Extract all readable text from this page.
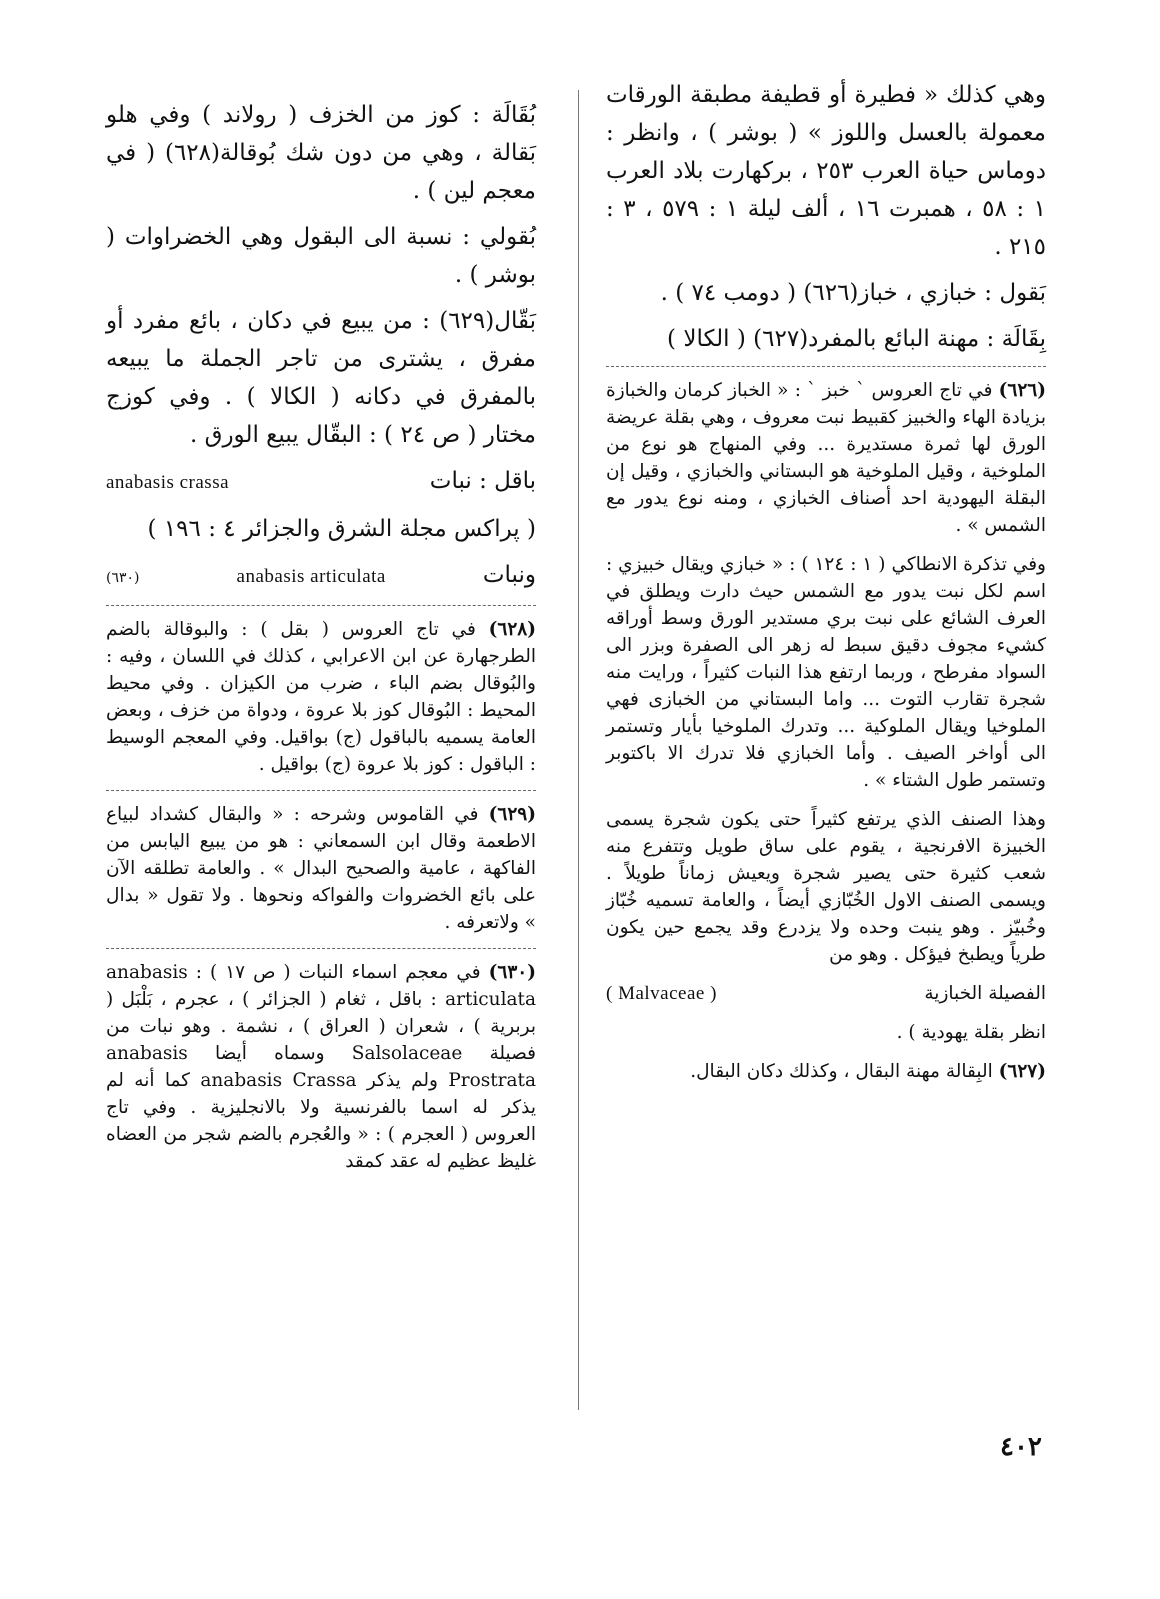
وهي كذلك « فطيرة أو قطيفة مطبقة الورقات معمولة بالعسل واللوز » ( بوشر ) ، وانظر : دوماس حياة العرب ٢٥٣ ، بركهارت بلاد العرب ١ : ٥٨ ، همبرت ١٦ ، ألف ليلة ١ : ٥٧٩ ، ٣ : ٢١٥ .

بَقول : خبازي ، خباز(٦٢٦) ( دومب ٧٤ ) .

بِقَالَة : مهنة البائع بالمفرد(٦٢٧) ( الكالا )

(٦٢٦) في تاج العروس ` خبز ` : « الخباز كرمان والخبازة بزيادة الهاء والخبيز كقبيط نبت معروف ، وهي بقلة عريضة الورق لها ثمرة مستديرة ... وفي المنهاج هو نوع من الملوخية ، وقيل الملوخية هو البستاني والخبازي ، وقيل إن البقلة اليهودية احد أصناف الخبازي ، ومنه نوع يدور مع الشمس » .

وفي تذكرة الانطاكي ( ١ : ١٢٤ ) : « خبازي ويقال خبيزي : اسم لكل نبت يدور مع الشمس حيث دارت ويطلق في العرف الشائع على نبت بري مستدير الورق وسط أوراقه كشيء مجوف دقيق سبط له زهر الى الصفرة وبزر الى السواد مفرطح ، وربما ارتفع هذا النبات كثيراً ، ورايت منه شجرة تقارب التوت ... واما البستاني من الخبازى فهي الملوخيا ويقال الملوكية ... وتدرك الملوخيا بأيار وتستمر الى أواخر الصيف . وأما الخبازي فلا تدرك الا باكتوبر وتستمر طول الشتاء » .

وهذا الصنف الذي يرتفع كثيراً حتى يكون شجرة يسمى الخبيزة الافرنجية ، يقوم على ساق طويل وتتفرع منه شعب كثيرة حتى يصير شجرة ويعيش زماناً طويلاً . ويسمى الصنف الاول الخُبّازي أيضاً ، والعامة تسميه خُبّاز وخُبيّز . وهو ينبت وحده ولا يزدرع وقد يجمع حين يكون طرياً ويطبخ فيؤكل . وهو من

الفصيلة الخبازية
( Malvaceae )

انظر بقلة يهودية ) .

(٦٢٧) البِقالة مهنة البقال ، وكذلك دكان البقال.

بُقَالَة : كوز من الخزف ( رولاند ) وفي هلو بَقالة ، وهي من دون شك بُوقالة(٦٢٨) ( في معجم لين ) .

بُقولي : نسبة الى البقول وهي الخضراوات ( بوشر ) .

بَقّال(٦٢٩) : من يبيع في دكان ، بائع مفرد أو مفرق ، يشترى من تاجر الجملة ما يبيعه بالمفرق في دكانه ( الكالا ) . وفي كوزج مختار ( ص ٢٤ ) : البقّال يبيع الورق .

باقل : نبات
anabasis crassa

( پراكس مجلة الشرق والجزائر ٤ : ١٩٦ )

ونبات
anabasis articulata
(٦٣٠)

(٦٢٨) في تاج العروس ( بقل ) : والبوقالة بالضم الطرجهارة عن ابن الاعرابي ، كذلك في اللسان ، وفيه : والبُوقال بضم الباء ، ضرب من الكيزان . وفي محيط المحيط : البُوقال كوز بلا عروة ، ودواة من خزف ، وبعض العامة يسميه بالباقول (ج) بواقيل. وفي المعجم الوسيط : الباقول : كوز بلا عروة (ج) بواقيل .

(٦٢٩) في القاموس وشرحه : « والبقال كشداد لبياع الاطعمة وقال ابن السمعاني : هو من يبيع اليابس من الفاكهة ، عامية والصحيح البدال » . والعامة تطلقه الآن على بائع الخضروات والفواكه ونحوها . ولا تقول « بدال » ولاتعرفه .

(٦٣٠) في معجم اسماء النبات ( ص ١٧ ) : anabasis articulata : باقل ، ثغام ( الجزائر ) ، عجرم ، بَلْبَل ( بربرية ) ، شعران ( العراق ) ، نشمة . وهو نبات من فصيلة Salsolaceae وسماه أيضا anabasis Prostrata ولم يذكر anabasis Crassa كما أنه لم يذكر له اسما بالفرنسية ولا بالانجليزية . وفي تاج العروس ( العجرم ) : « والعُجرم بالضم شجر من العضاه غليظ عظيم له عقد كمقد

٤٠٢
